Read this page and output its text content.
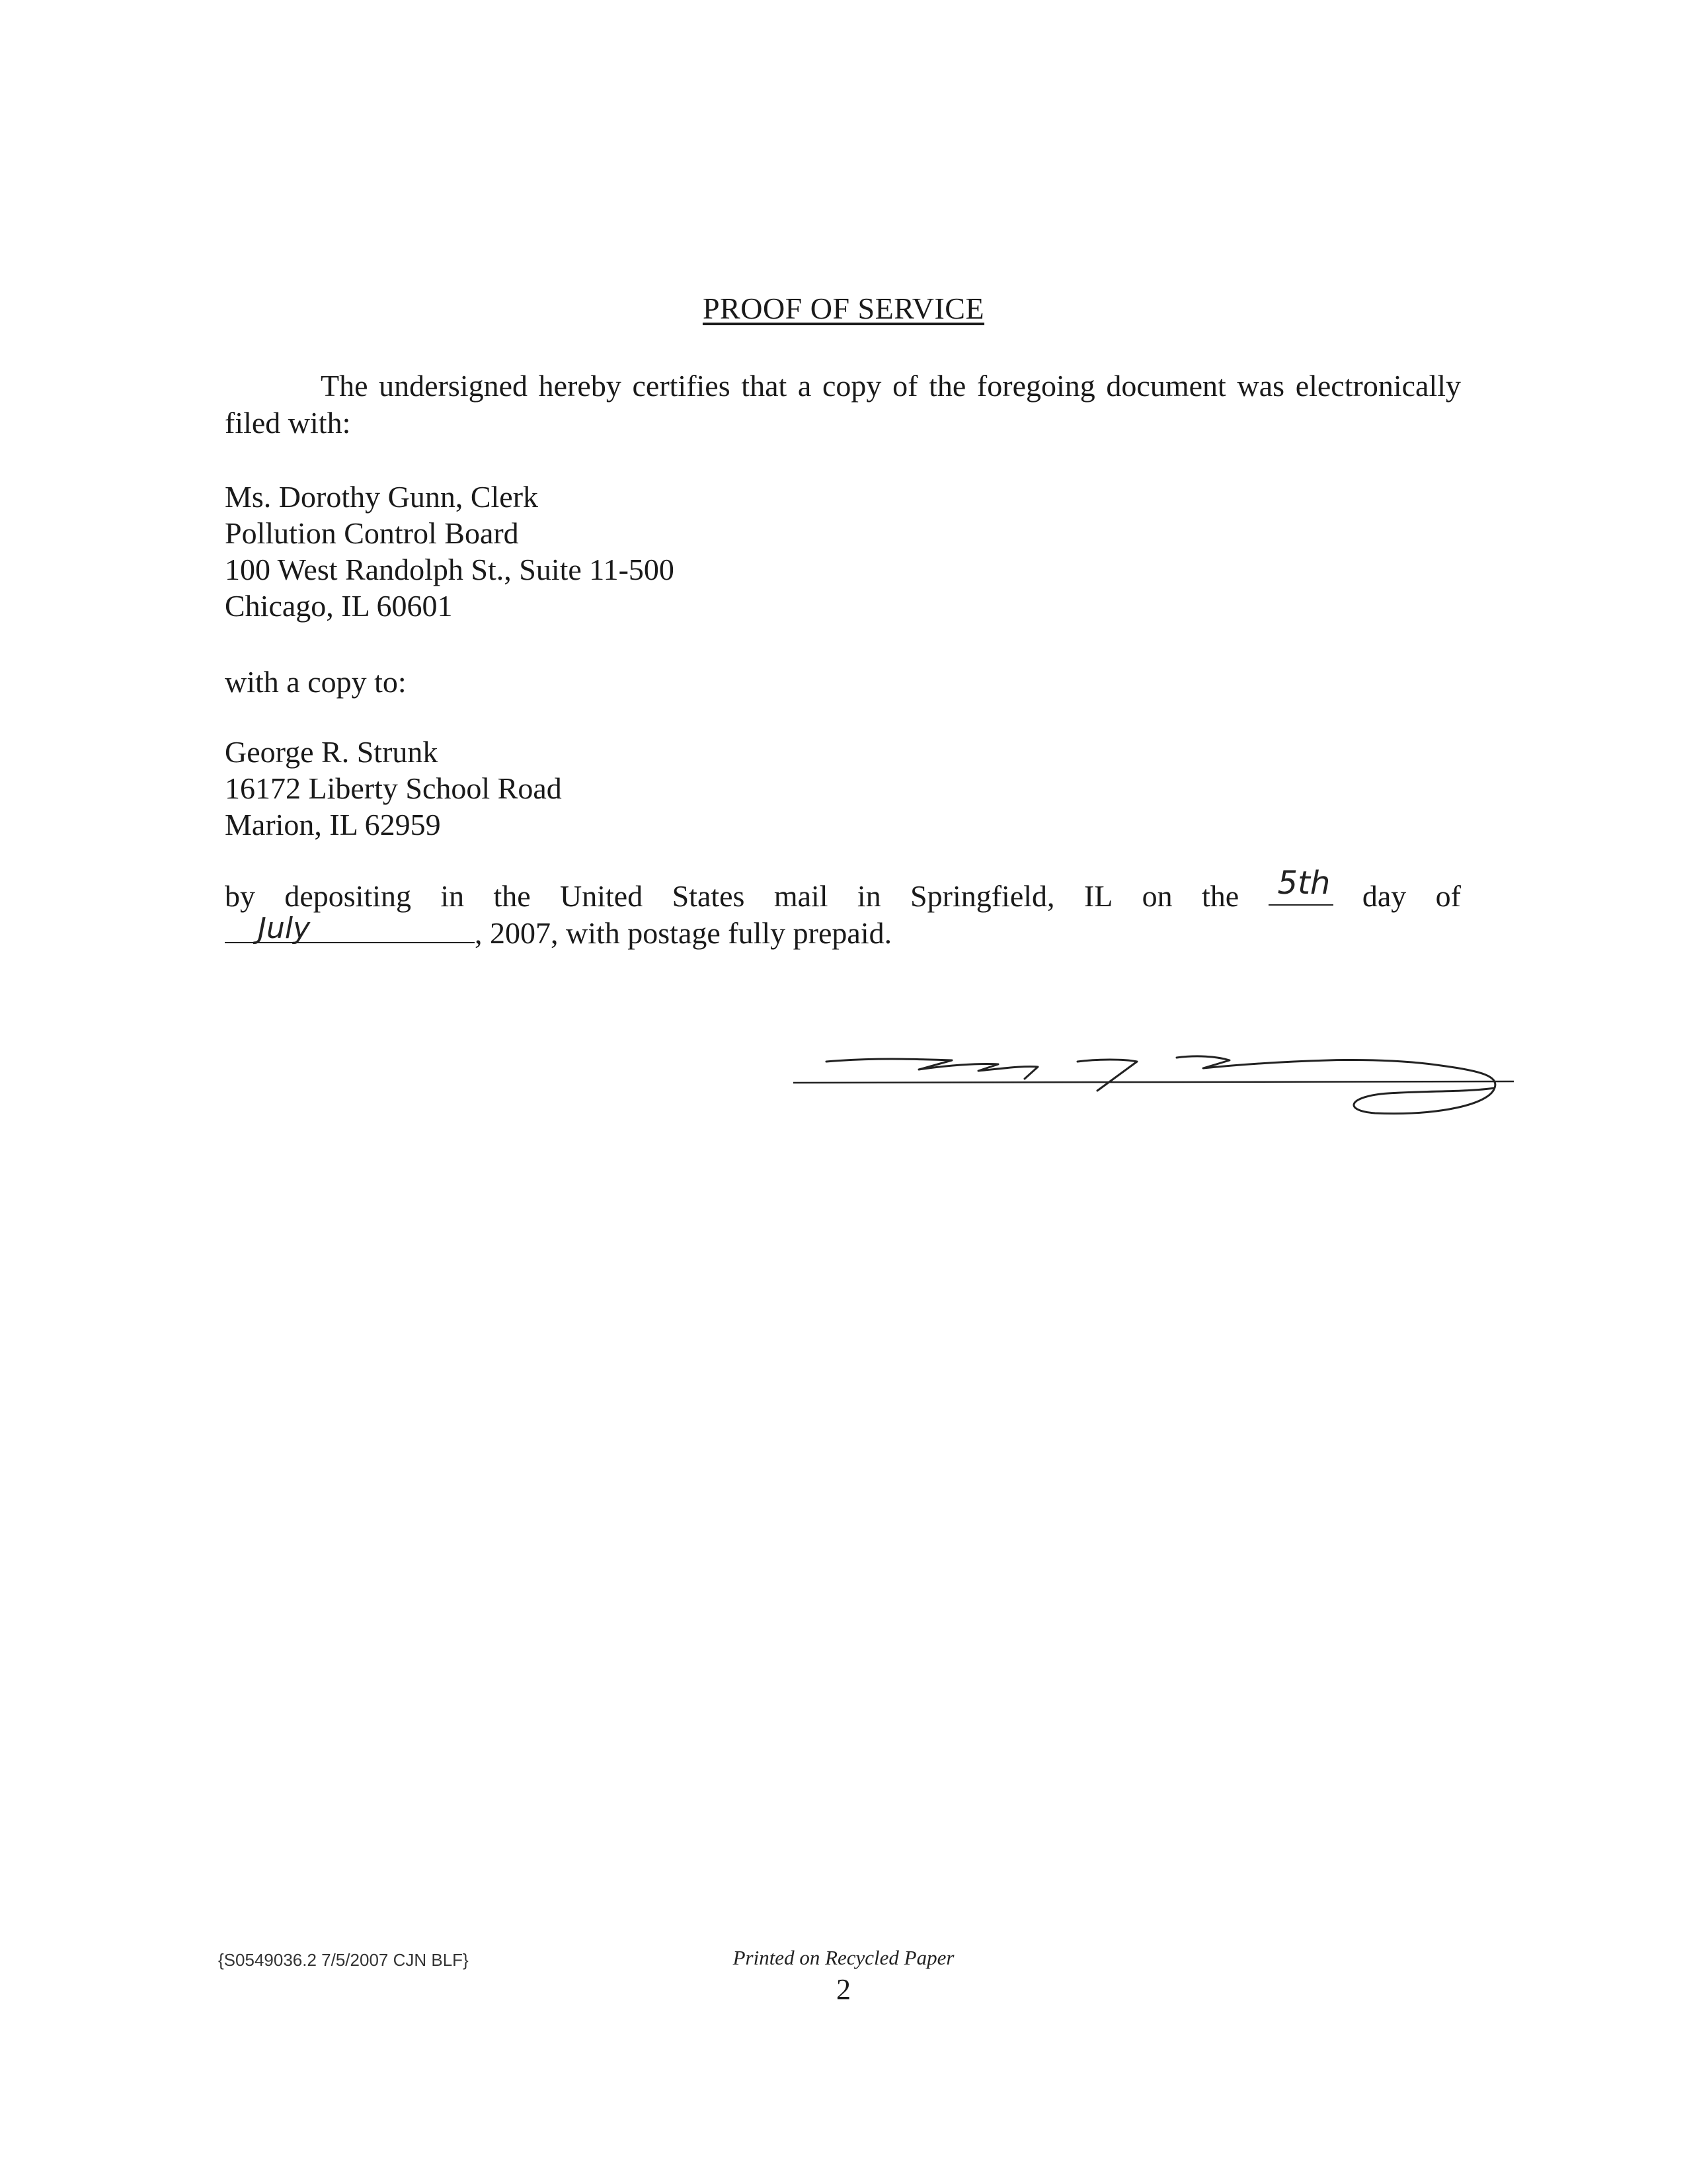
PROOF OF SERVICE
The undersigned hereby certifies that a copy of the foregoing document was electronically filed with:
Ms. Dorothy Gunn, Clerk
Pollution Control Board
100 West Randolph St., Suite 11-500
Chicago, IL 60601
with a copy to:
George R. Strunk
16172 Liberty School Road
Marion, IL 62959
by depositing in the United States mail in Springfield, IL on the 5th day of
July	, 2007, with postage fully prepaid.
{S0549036.2 7/5/2007 CJN BLF}	Printed on Recycled Paper
2
